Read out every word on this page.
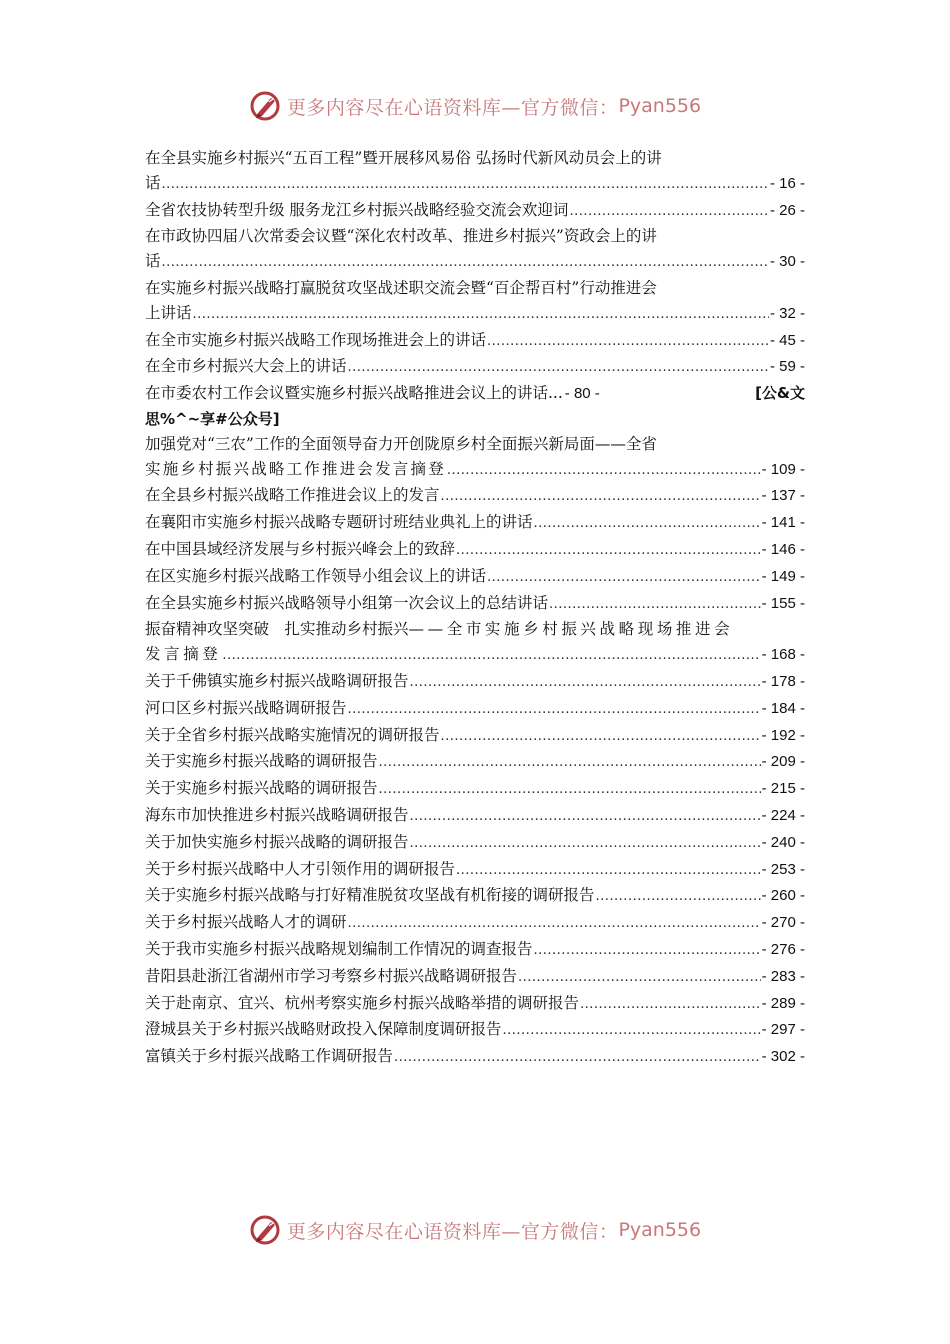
更多内容尽在心语资料库— 官方微信： Pyan556
在全县实施乡村振兴“五百工程”暨开展移风易俗 弘扬时代新风动员会上的讲
话 .....	- 16 -
全省农技协转型升级 服务龙江乡村振兴战略经验交流会欢迎词 .....	- 26 -
在市政协四届八次常委会议暨“深化农村改革、推进乡村振兴”资政会上的讲
话 .....	- 30 -
在实施乡村振兴战略打赢脱贫攻坚战述职交流会暨“百企帮百村”行动推进会
上讲话 .....	- 32 -
在全市实施乡村振兴战略工作现场推进会上的讲话 .....	- 45 -
在全市乡村振兴大会上的讲话 .....	- 59 -
在市委农村工作会议暨实施乡村振兴战略推进会议上的讲话... - 80 -	[公&文
思%^~享#公众号]
加强党对“三农”工作的全面领导奋力开创陇原乡村全面振兴新局面——全省
实施乡村振兴战略工作推进会发言摘登 .....	- 109 -
在全县乡村振兴战略工作推进会议上的发言 .....	- 137 -
在襄阳市实施乡村振兴战略专题研讨班结业典礼上的讲话 .....	- 141 -
在中国县域经济发展与乡村振兴峰会上的致辞 .....	- 146 -
在区实施乡村振兴战略工作领导小组会议上的讲话 .....	- 149 -
在全县实施乡村振兴战略领导小组第一次会议上的总结讲话 .....	- 155 -
振奋精神攻坚突破　扎实推动乡村振兴 ——全市实施乡村振兴战略现场推进会
发言摘登 .....	- 168 -
关于千佛镇实施乡村振兴战略调研报告 .....	- 178 -
河口区乡村振兴战略调研报告 .....	- 184 -
关于全省乡村振兴战略实施情况的调研报告 .....	- 192 -
关于实施乡村振兴战略的调研报告 .....	- 209 -
关于实施乡村振兴战略的调研报告 .....	- 215 -
海东市加快推进乡村振兴战略调研报告 .....	- 224 -
关于加快实施乡村振兴战略的调研报告 .....	- 240 -
关于乡村振兴战略中人才引领作用的调研报告 .....	- 253 -
关于实施乡村振兴战略与打好精准脱贫攻坚战有机衔接的调研报告 .....	- 260 -
关于乡村振兴战略人才的调研 .....	- 270 -
关于我市实施乡村振兴战略规划编制工作情况的调查报告 .....	- 276 -
昔阳县赴浙江省湖州市学习考察乡村振兴战略调研报告 .....	- 283 -
关于赴南京、宜兴、杭州考察实施乡村振兴战略举措的调研报告 .....	- 289 -
澄城县关于乡村振兴战略财政投入保障制度调研报告 .....	- 297 -
富镇关于乡村振兴战略工作调研报告 .....	- 302 -
更多内容尽在心语资料库— 官方微信： Pyan556
